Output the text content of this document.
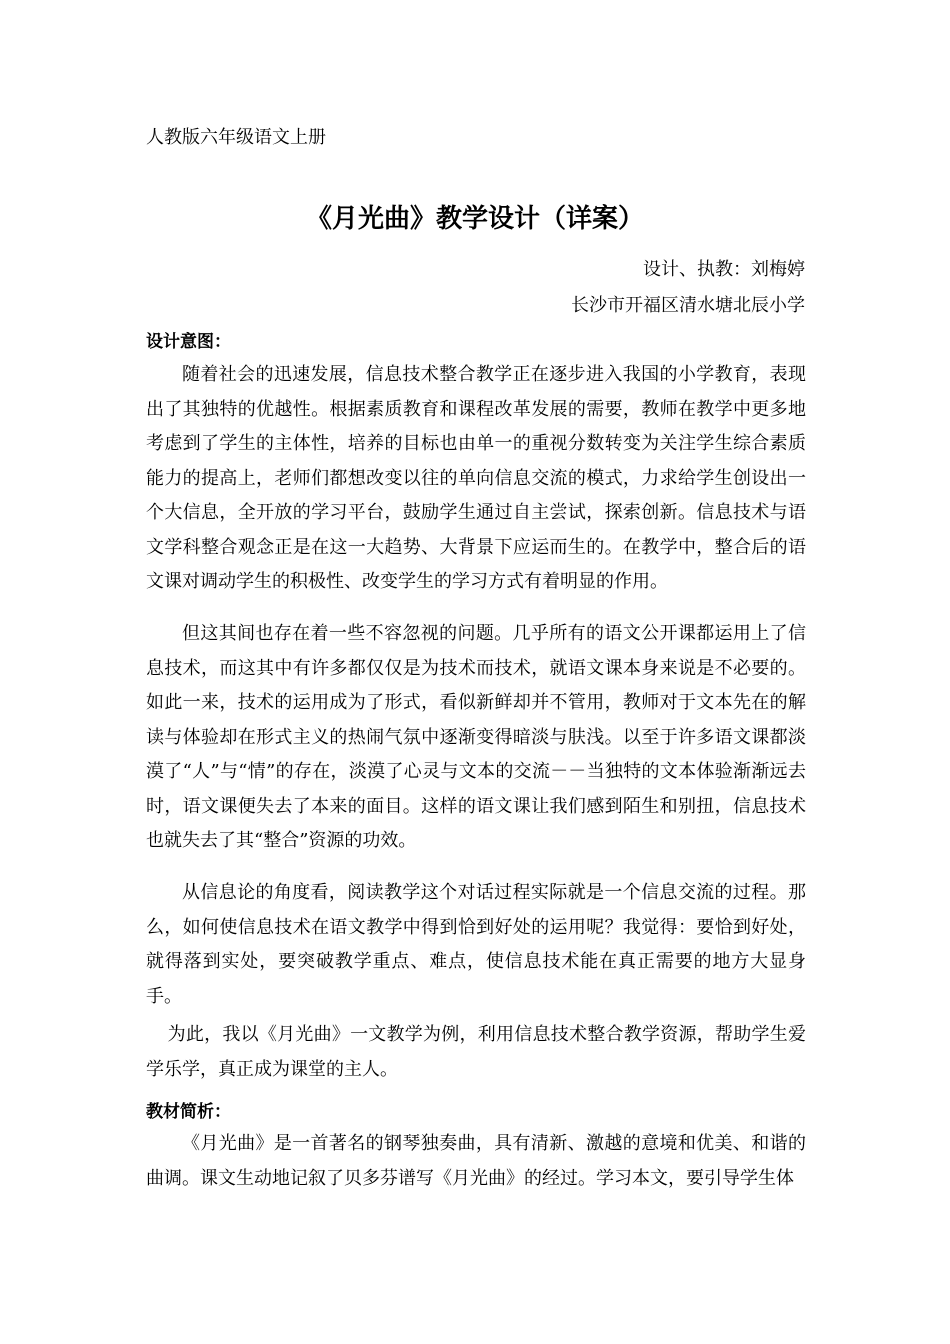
人教版六年级语文上册
《月光曲》教学设计（详案）
设计、执教：刘梅婷
长沙市开福区清水塘北辰小学
设计意图：

随着社会的迅速发展，信息技术整合教学正在逐步进入我国的小学教育，表现出了其独特的优越性。根据素质教育和课程改革发展的需要，教师在教学中更多地考虑到了学生的主体性，培养的目标也由单一的重视分数转变为关注学生综合素质能力的提高上，老师们都想改变以往的单向信息交流的模式，力求给学生创设出一个大信息，全开放的学习平台，鼓励学生通过自主尝试，探索创新。信息技术与语文学科整合观念正是在这一大趋势、大背景下应运而生的。在教学中，整合后的语文课对调动学生的积极性、改变学生的学习方式有着明显的作用。

但这其间也存在着一些不容忽视的问题。几乎所有的语文公开课都运用上了信息技术，而这其中有许多都仅仅是为技术而技术，就语文课本身来说是不必要的。如此一来，技术的运用成为了形式，看似新鲜却并不管用，教师对于文本先在的解读与体验却在形式主义的热闹气氛中逐渐变得暗淡与肤浅。以至于许多语文课都淡漠了“人”与“情”的存在，淡漠了心灵与文本的交流－－当独特的文本体验渐渐远去时，语文课便失去了本来的面目。这样的语文课让我们感到陌生和别扭，信息技术也就失去了其“整合”资源的功效。

从信息论的角度看，阅读教学这个对话过程实际就是一个信息交流的过程。那么，如何使信息技术在语文教学中得到恰到好处的运用呢？我觉得：要恰到好处，就得落到实处，要突破教学重点、难点，使信息技术能在真正需要的地方大显身手。

为此，我以《月光曲》一文教学为例，利用信息技术整合教学资源，帮助学生爱学乐学，真正成为课堂的主人。

教材简析：

《月光曲》是一首著名的钢琴独奏曲，具有清新、激越的意境和优美、和谐的曲调。课文生动地记叙了贝多芬谱写《月光曲》的经过。学习本文，要引导学生体
